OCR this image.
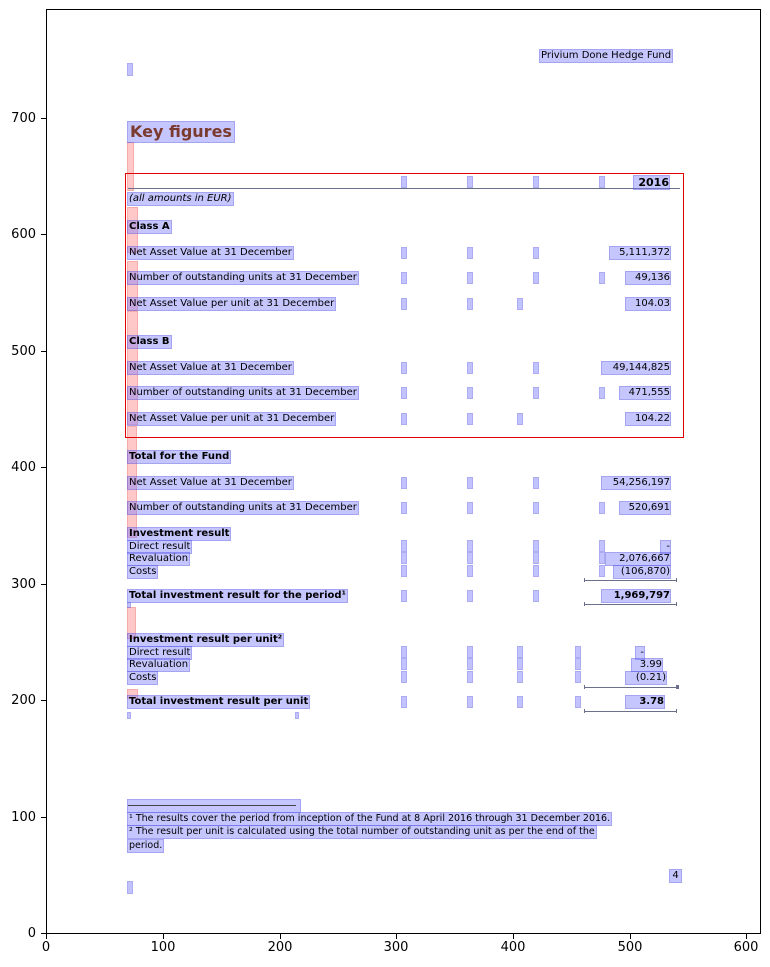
0
100
200
300
400
500
600
700
0	100	200	300	400	500	600
Privium Done Hedge Fund
Key figures
2016
(all amounts in EUR)
Class A
Net Asset Value at 31 December	5,111,372
Number of outstanding units at 31 December	49,136
Net Asset Value per unit at 31 December	104.03
Class B
Net Asset Value at 31 December	49,144,825
Number of outstanding units at 31 December	471,555
Net Asset Value per unit at 31 December	104.22
Total for the Fund
Net Asset Value at 31 December	54,256,197
Number of outstanding units at 31 December	520,691
Investment result
Direct result	-
Revaluation	2,076,667
Costs	(106,870)
Total investment result for the period¹	1,969,797
Investment result per unit²
Direct result	-
Revaluation	3.99
Costs	(0.21)
Total investment result per unit	3.78
¹ The results cover the period from inception of the Fund at 8 April 2016 through 31 December 2016.
² The result per unit is calculated using the total number of outstanding unit as per the end of the
period.
4
